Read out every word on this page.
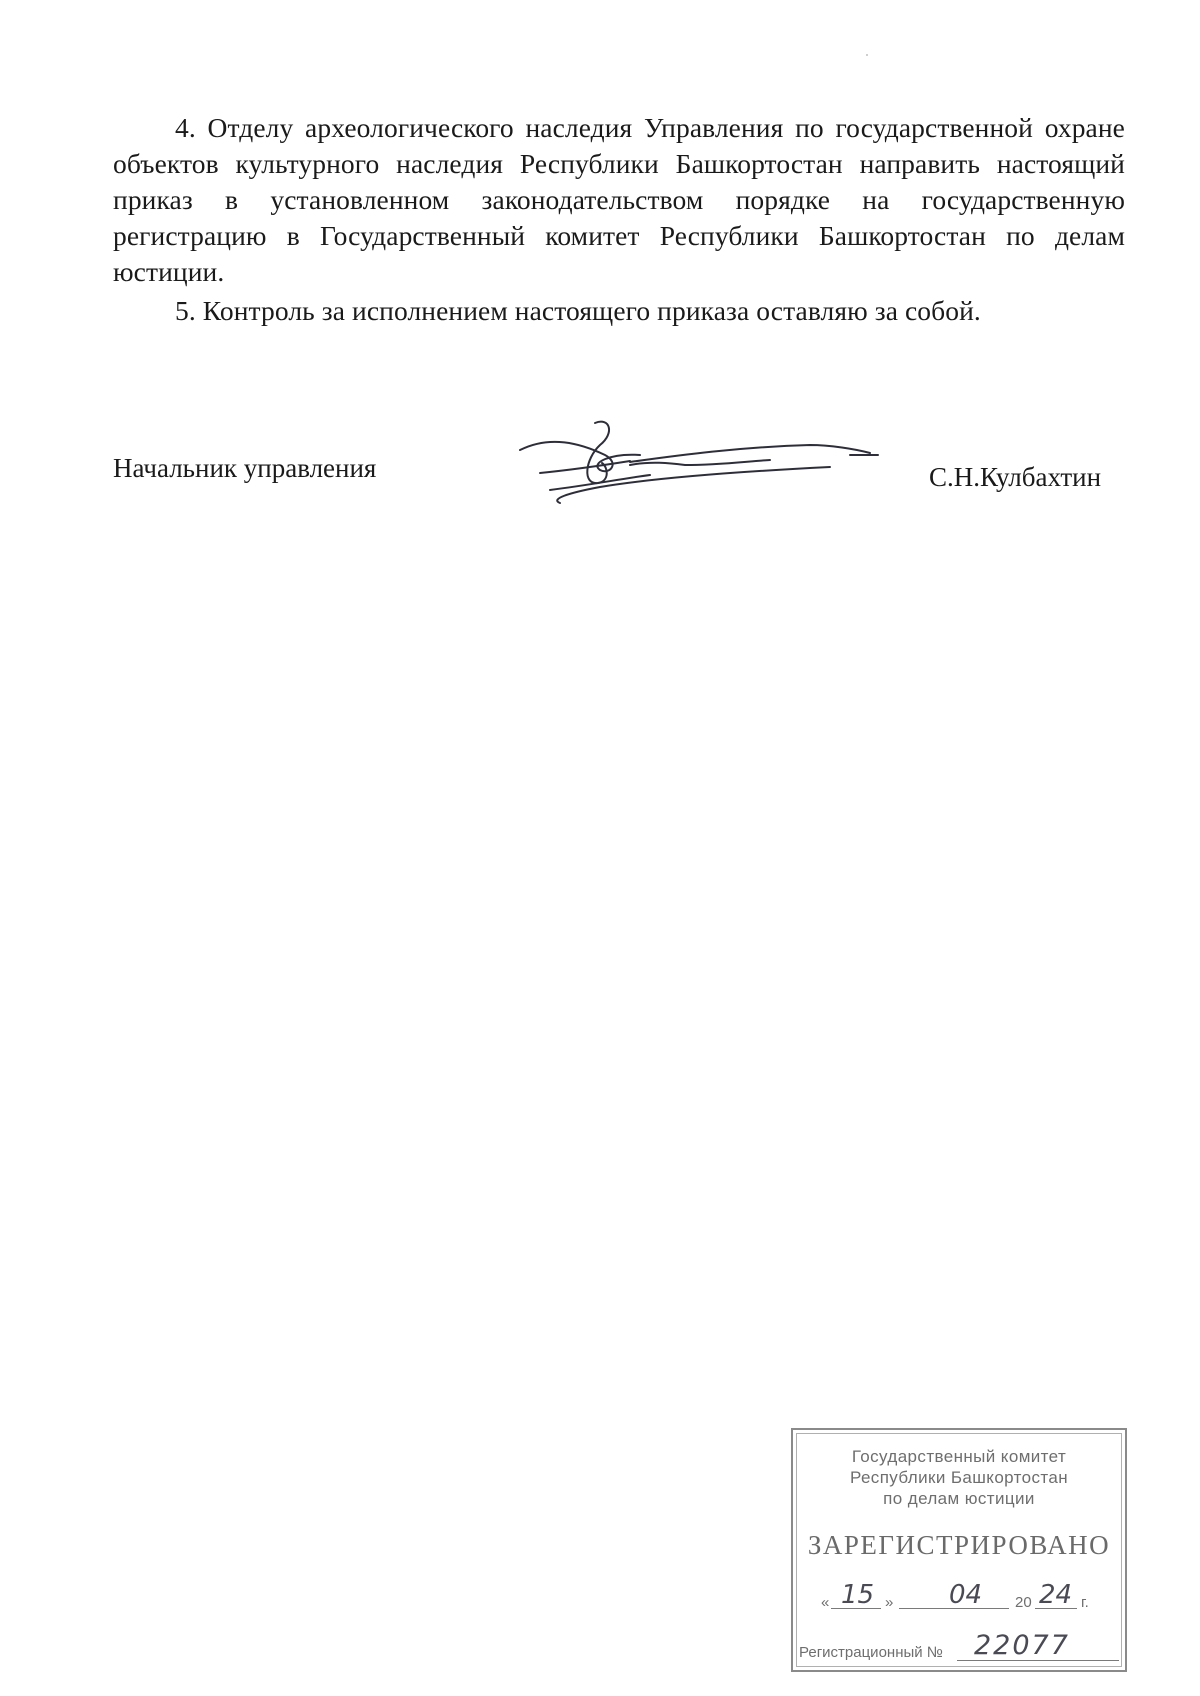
4. Отделу археологического наследия Управления по государственной охране объектов культурного наследия Республики Башкортостан направить настоящий приказ в установленном законодательством порядке на государственную регистрацию в Государственный комитет Республики Башкортостан по делам юстиции.

5. Контроль за исполнением настоящего приказа оставляю за собой.

Начальник управления	С.Н.Кулбахтин
Государственный комитет
Республики Башкортостан
по делам юстиции
ЗАРЕГИСТРИРОВАНО
« 15 » 04 20 24 г.
Регистрационный № 22077
